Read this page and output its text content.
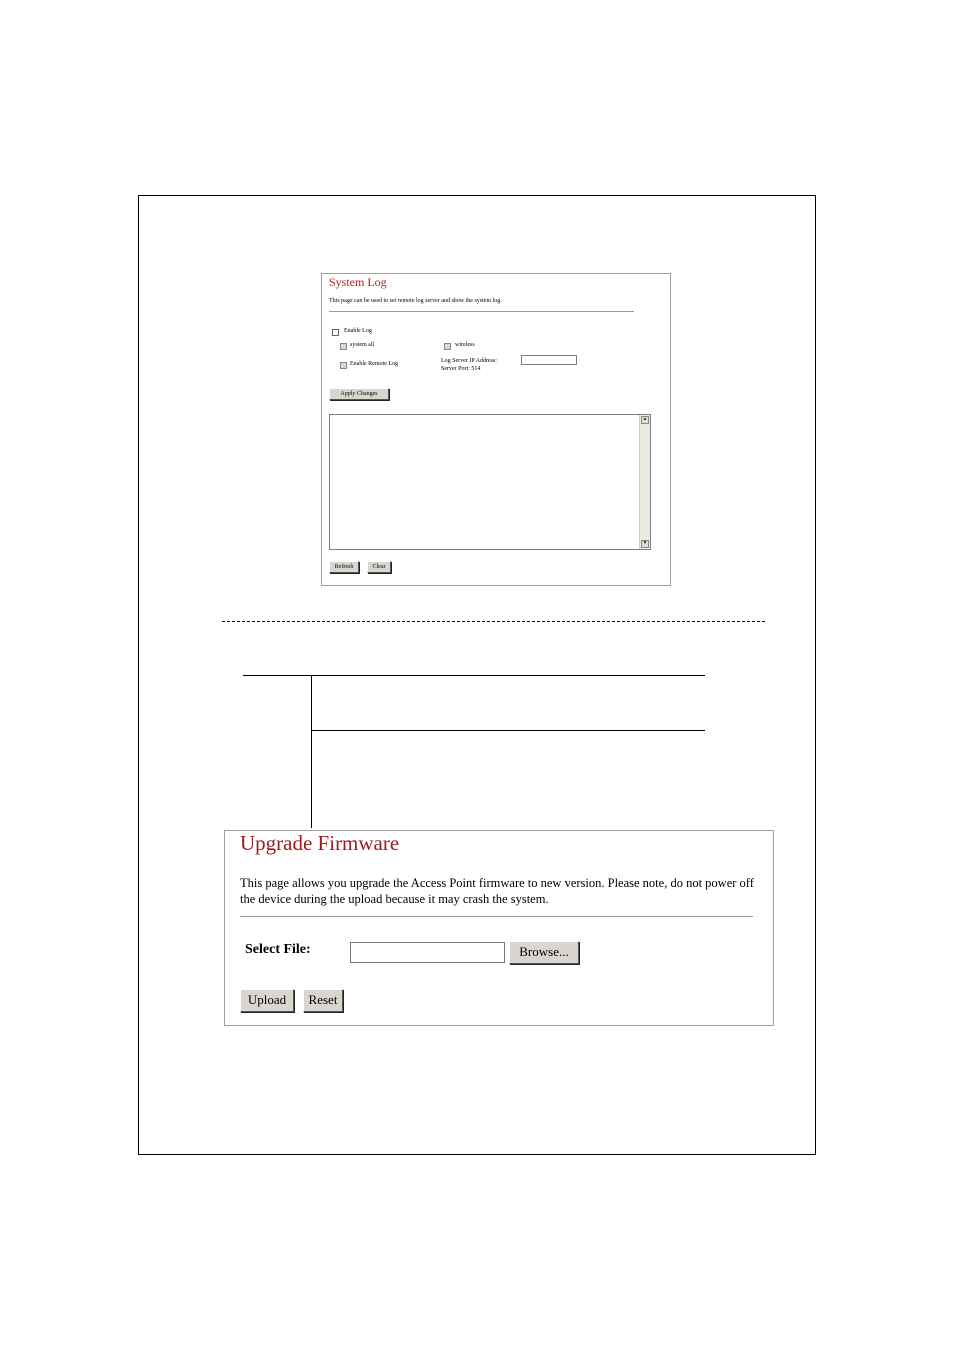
System Log
This page can be used to set remote log server and show the system log.
Enable Log
system all	wireless
Enable Remote Log	Log Server IP Address:
Server Port: 514
Apply Changes
▲
▼
Refresh	Clear
Upgrade Firmware
This page allows you upgrade the Access Point firmware to new version. Please note, do not power off the device during the upload because it may crash the system.
Select File:	Browse...
Upload	Reset
